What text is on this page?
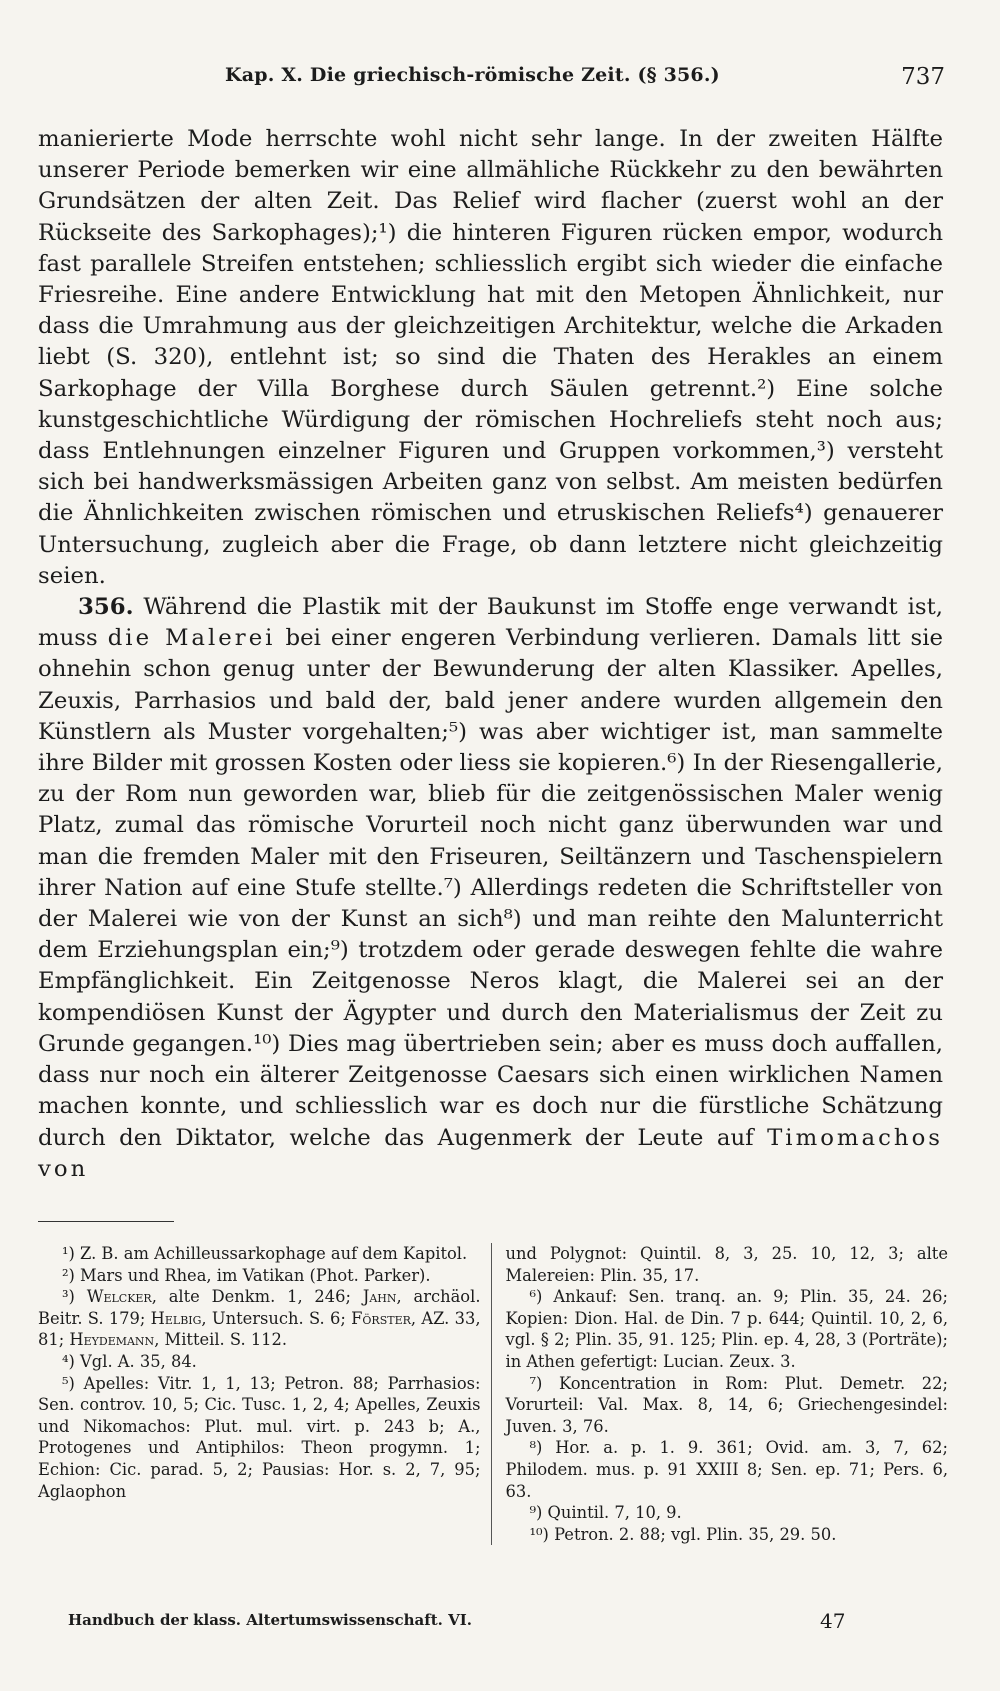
Kap. X. Die griechisch-römische Zeit. (§ 356.)	737

manierierte Mode herrschte wohl nicht sehr lange. In der zweiten Hälfte unserer Periode bemerken wir eine allmähliche Rückkehr zu den bewährten Grundsätzen der alten Zeit. Das Relief wird flacher (zuerst wohl an der Rückseite des Sarkophages);¹) die hinteren Figuren rücken empor, wodurch fast parallele Streifen entstehen; schliesslich ergibt sich wieder die einfache Friesreihe. Eine andere Entwicklung hat mit den Metopen Ähnlichkeit, nur dass die Umrahmung aus der gleichzeitigen Architektur, welche die Arkaden liebt (S. 320), entlehnt ist; so sind die Thaten des Herakles an einem Sarkophage der Villa Borghese durch Säulen getrennt.²) Eine solche kunstgeschichtliche Würdigung der römischen Hochreliefs steht noch aus; dass Entlehnungen einzelner Figuren und Gruppen vorkommen,³) versteht sich bei handwerksmässigen Arbeiten ganz von selbst. Am meisten bedürfen die Ähnlichkeiten zwischen römischen und etruskischen Reliefs⁴) genauerer Untersuchung, zugleich aber die Frage, ob dann letztere nicht gleichzeitig seien.

356. Während die Plastik mit der Baukunst im Stoffe enge verwandt ist, muss die Malerei bei einer engeren Verbindung verlieren. Damals litt sie ohnehin schon genug unter der Bewunderung der alten Klassiker. Apelles, Zeuxis, Parrhasios und bald der, bald jener andere wurden allgemein den Künstlern als Muster vorgehalten;⁵) was aber wichtiger ist, man sammelte ihre Bilder mit grossen Kosten oder liess sie kopieren.⁶) In der Riesengallerie, zu der Rom nun geworden war, blieb für die zeitgenössischen Maler wenig Platz, zumal das römische Vorurteil noch nicht ganz überwunden war und man die fremden Maler mit den Friseuren, Seiltänzern und Taschenspielern ihrer Nation auf eine Stufe stellte.⁷) Allerdings redeten die Schriftsteller von der Malerei wie von der Kunst an sich⁸) und man reihte den Malunterricht dem Erziehungsplan ein;⁹) trotzdem oder gerade deswegen fehlte die wahre Empfänglichkeit. Ein Zeitgenosse Neros klagt, die Malerei sei an der kompendiösen Kunst der Ägypter und durch den Materialismus der Zeit zu Grunde gegangen.¹⁰) Dies mag übertrieben sein; aber es muss doch auffallen, dass nur noch ein älterer Zeitgenosse Caesars sich einen wirklichen Namen machen konnte, und schliesslich war es doch nur die fürstliche Schätzung durch den Diktator, welche das Augenmerk der Leute auf Timomachos von

¹) Z. B. am Achilleussarkophage auf dem Kapitol.

²) Mars und Rhea, im Vatikan (Phot. Parker).

³) Welcker, alte Denkm. 1, 246; Jahn, archäol. Beitr. S. 179; Helbig, Untersuch. S. 6; Förster, AZ. 33, 81; Heydemann, Mitteil. S. 112.

⁴) Vgl. A. 35, 84.

⁵) Apelles: Vitr. 1, 1, 13; Petron. 88; Parrhasios: Sen. controv. 10, 5; Cic. Tusc. 1, 2, 4; Apelles, Zeuxis und Nikomachos: Plut. mul. virt. p. 243 b; A., Protogenes und Antiphilos: Theon progymn. 1; Echion: Cic. parad. 5, 2; Pausias: Hor. s. 2, 7, 95; Aglaophon

und Polygnot: Quintil. 8, 3, 25. 10, 12, 3; alte Malereien: Plin. 35, 17.

⁶) Ankauf: Sen. tranq. an. 9; Plin. 35, 24. 26; Kopien: Dion. Hal. de Din. 7 p. 644; Quintil. 10, 2, 6, vgl. § 2; Plin. 35, 91. 125; Plin. ep. 4, 28, 3 (Porträte); in Athen gefertigt: Lucian. Zeux. 3.

⁷) Koncentration in Rom: Plut. Demetr. 22; Vorurteil: Val. Max. 8, 14, 6; Griechengesindel: Juven. 3, 76.

⁸) Hor. a. p. 1. 9. 361; Ovid. am. 3, 7, 62; Philodem. mus. p. 91 XXIII 8; Sen. ep. 71; Pers. 6, 63.

⁹) Quintil. 7, 10, 9.

¹⁰) Petron. 2. 88; vgl. Plin. 35, 29. 50.

Handbuch der klass. Altertumswissenschaft. VI.	47
